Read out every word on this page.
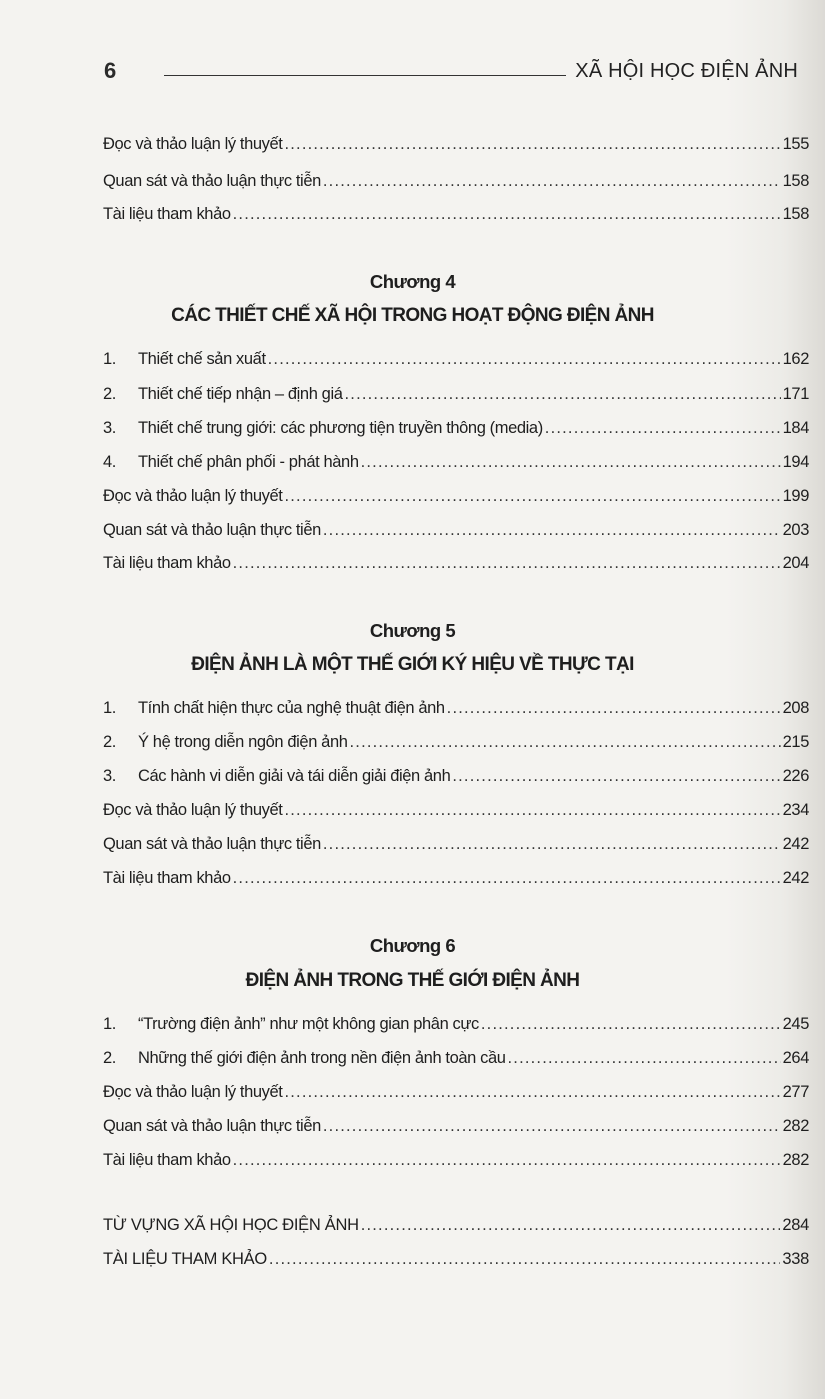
6	XÃ HỘI HỌC ĐIỆN ẢNH
Đọc và thảo luận lý thuyết .....	155
Quan sát và thảo luận thực tiễn .....	158
Tài liệu tham khảo .....	158
Chương 4
CÁC THIẾT CHẾ XÃ HỘI TRONG HOẠT ĐỘNG ĐIỆN ẢNH
1.	Thiết chế sản xuất .....	162
2.	Thiết chế tiếp nhận – định giá .....	171
3.	Thiết chế trung giới: các phương tiện truyền thông (media) .....	184
4.	Thiết chế phân phối - phát hành .....	194
Đọc và thảo luận lý thuyết .....	199
Quan sát và thảo luận thực tiễn .....	203
Tài liệu tham khảo .....	204
Chương 5
ĐIỆN ẢNH LÀ MỘT THẾ GIỚI KÝ HIỆU VỀ THỰC TẠI
1.	Tính chất hiện thực của nghệ thuật điện ảnh .....	208
2.	Ý hệ trong diễn ngôn điện ảnh .....	215
3.	Các hành vi diễn giải và tái diễn giải điện ảnh .....	226
Đọc và thảo luận lý thuyết .....	234
Quan sát và thảo luận thực tiễn .....	242
Tài liệu tham khảo .....	242
Chương 6
ĐIỆN ẢNH TRONG THẾ GIỚI ĐIỆN ẢNH
1.	“Trường điện ảnh” như một không gian phân cực .....	245
2.	Những thế giới điện ảnh trong nền điện ảnh toàn cầu .....	264
Đọc và thảo luận lý thuyết .....	277
Quan sát và thảo luận thực tiễn .....	282
Tài liệu tham khảo .....	282
TỪ VỰNG XÃ HỘI HỌC ĐIỆN ẢNH .....	284
TÀI LIỆU THAM KHẢO .....	338
